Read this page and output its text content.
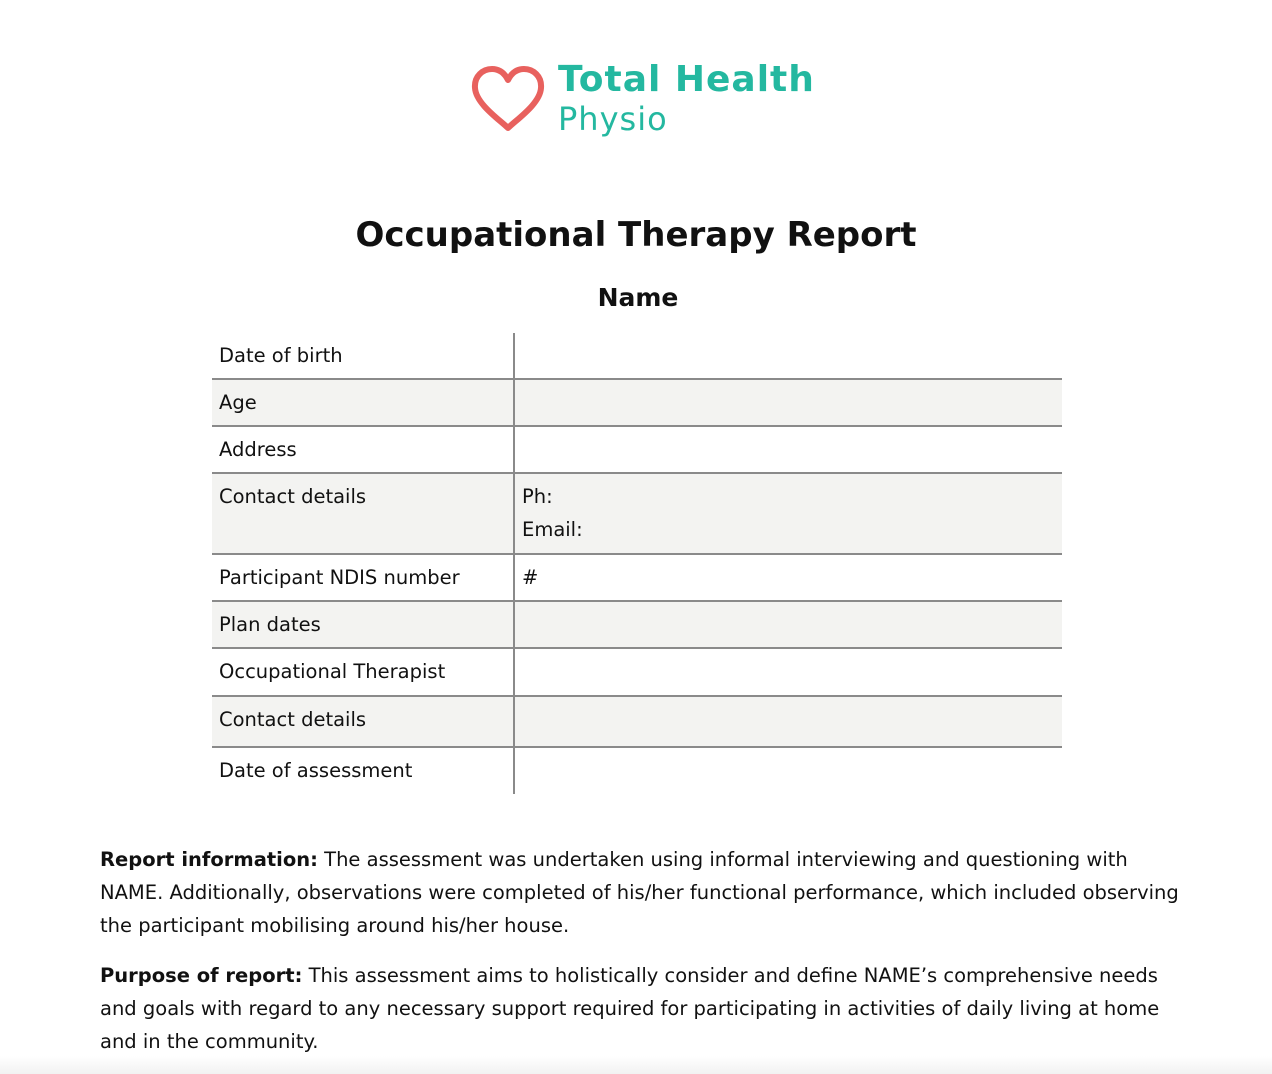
Total Health
Physio
Occupational Therapy Report
Name
Date of birth	

Age	

Address	

Contact details	Ph:
Email:

Participant NDIS number	#

Plan dates	

Occupational Therapist	

Contact details	

Date of assessment	

Report information: The assessment was undertaken using informal interviewing and questioning with NAME. Additionally, observations were completed of his/her functional performance, which included observing the participant mobilising around his/her house.

Purpose of report: This assessment aims to holistically consider and define NAME’s comprehensive needs and goals with regard to any necessary support required for participating in activities of daily living at home and in the community.
